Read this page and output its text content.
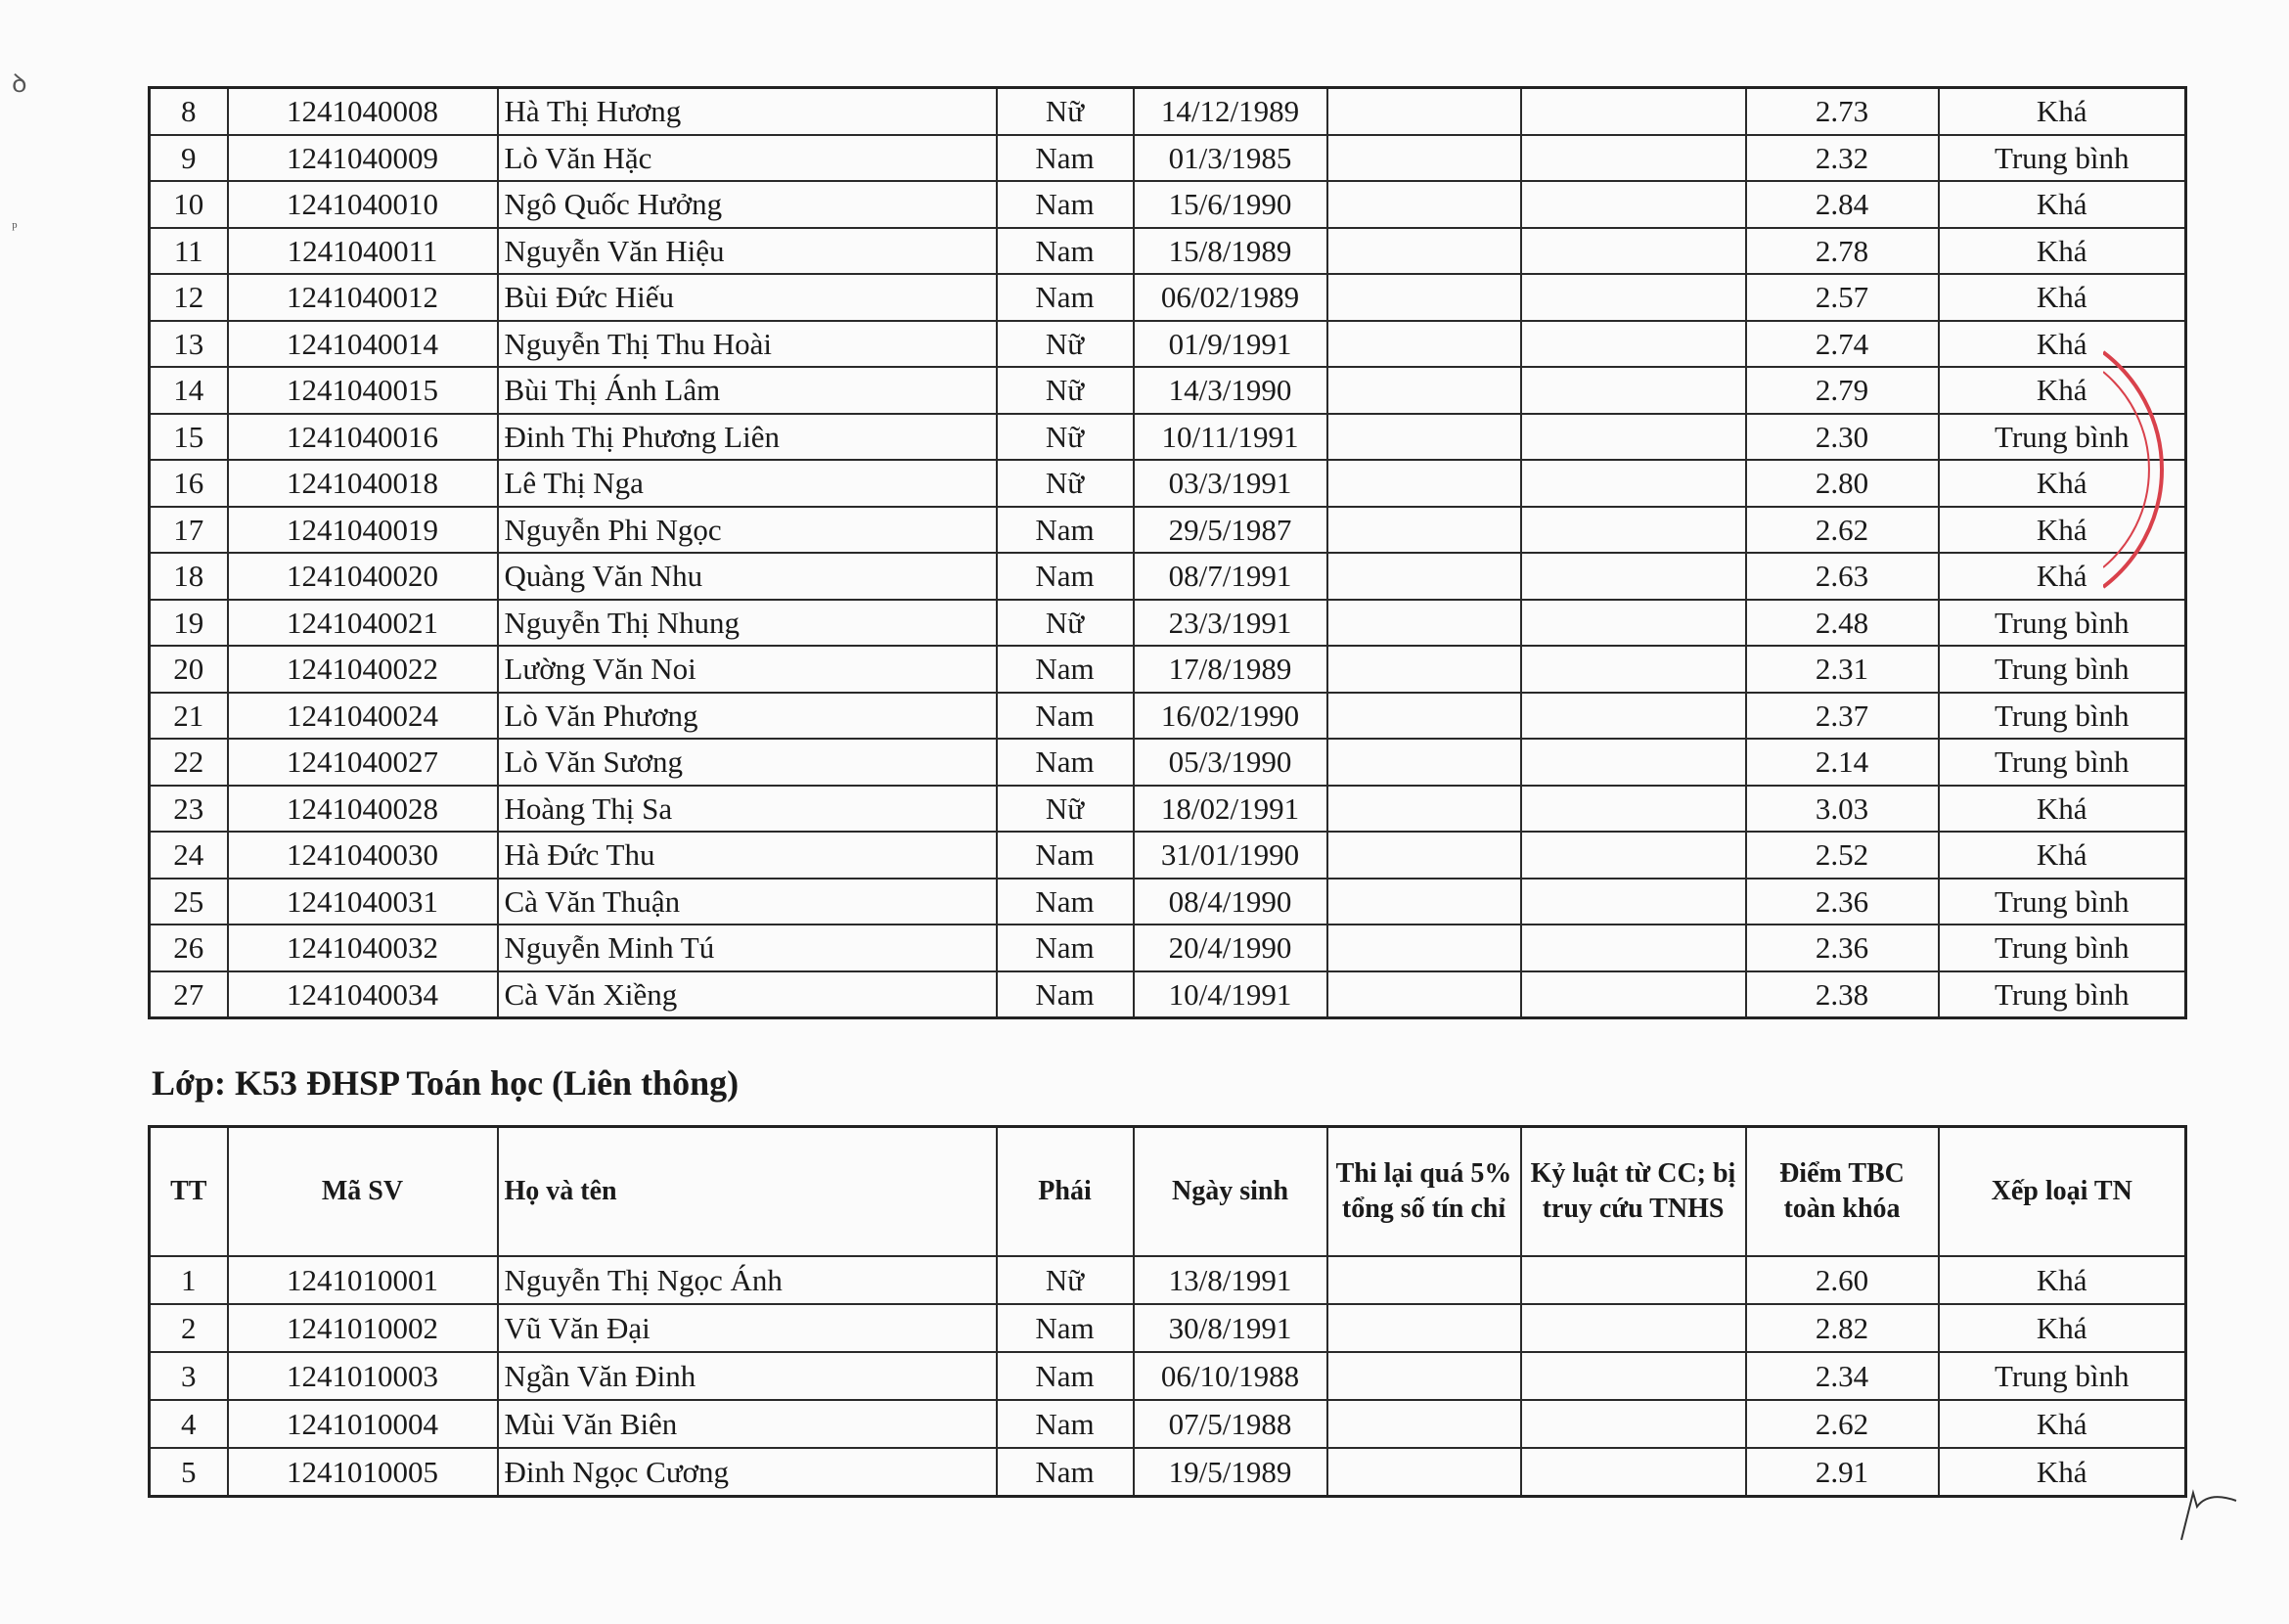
8	1241040008	Hà Thị Hương	Nữ	14/12/1989			2.73	Khá
9	1241040009	Lò Văn Hặc	Nam	01/3/1985			2.32	Trung bình
10	1241040010	Ngô Quốc Hưởng	Nam	15/6/1990			2.84	Khá
11	1241040011	Nguyễn Văn Hiệu	Nam	15/8/1989			2.78	Khá
12	1241040012	Bùi Đức Hiếu	Nam	06/02/1989			2.57	Khá
13	1241040014	Nguyễn Thị Thu Hoài	Nữ	01/9/1991			2.74	Khá
14	1241040015	Bùi Thị Ánh Lâm	Nữ	14/3/1990			2.79	Khá
15	1241040016	Đinh Thị Phương Liên	Nữ	10/11/1991			2.30	Trung bình
16	1241040018	Lê Thị Nga	Nữ	03/3/1991			2.80	Khá
17	1241040019	Nguyễn Phi Ngọc	Nam	29/5/1987			2.62	Khá
18	1241040020	Quàng Văn Nhu	Nam	08/7/1991			2.63	Khá
19	1241040021	Nguyễn Thị Nhung	Nữ	23/3/1991			2.48	Trung bình
20	1241040022	Lường Văn Noi	Nam	17/8/1989			2.31	Trung bình
21	1241040024	Lò Văn Phương	Nam	16/02/1990			2.37	Trung bình
22	1241040027	Lò Văn Sương	Nam	05/3/1990			2.14	Trung bình
23	1241040028	Hoàng Thị Sa	Nữ	18/02/1991			3.03	Khá
24	1241040030	Hà Đức Thu	Nam	31/01/1990			2.52	Khá
25	1241040031	Cà Văn Thuận	Nam	08/4/1990			2.36	Trung bình
26	1241040032	Nguyễn Minh Tú	Nam	20/4/1990			2.36	Trung bình
27	1241040034	Cà Văn Xiềng	Nam	10/4/1991			2.38	Trung bình
Lớp: K53 ĐHSP Toán học (Liên thông)
TT	Mã SV	Họ và tên	Phái	Ngày sinh	Thi lại quá 5% tổng số tín chỉ	Kỷ luật từ CC; bị truy cứu TNHS	Điểm TBC toàn khóa	Xếp loại TN
1	1241010001	Nguyễn Thị Ngọc Ánh	Nữ	13/8/1991			2.60	Khá
2	1241010002	Vũ Văn Đại	Nam	30/8/1991			2.82	Khá
3	1241010003	Ngần Văn Đinh	Nam	06/10/1988			2.34	Trung bình
4	1241010004	Mùi Văn Biên	Nam	07/5/1988			2.62	Khá
5	1241010005	Đinh Ngọc Cương	Nam	19/5/1989			2.91	Khá
ꝺ
ᵖ
